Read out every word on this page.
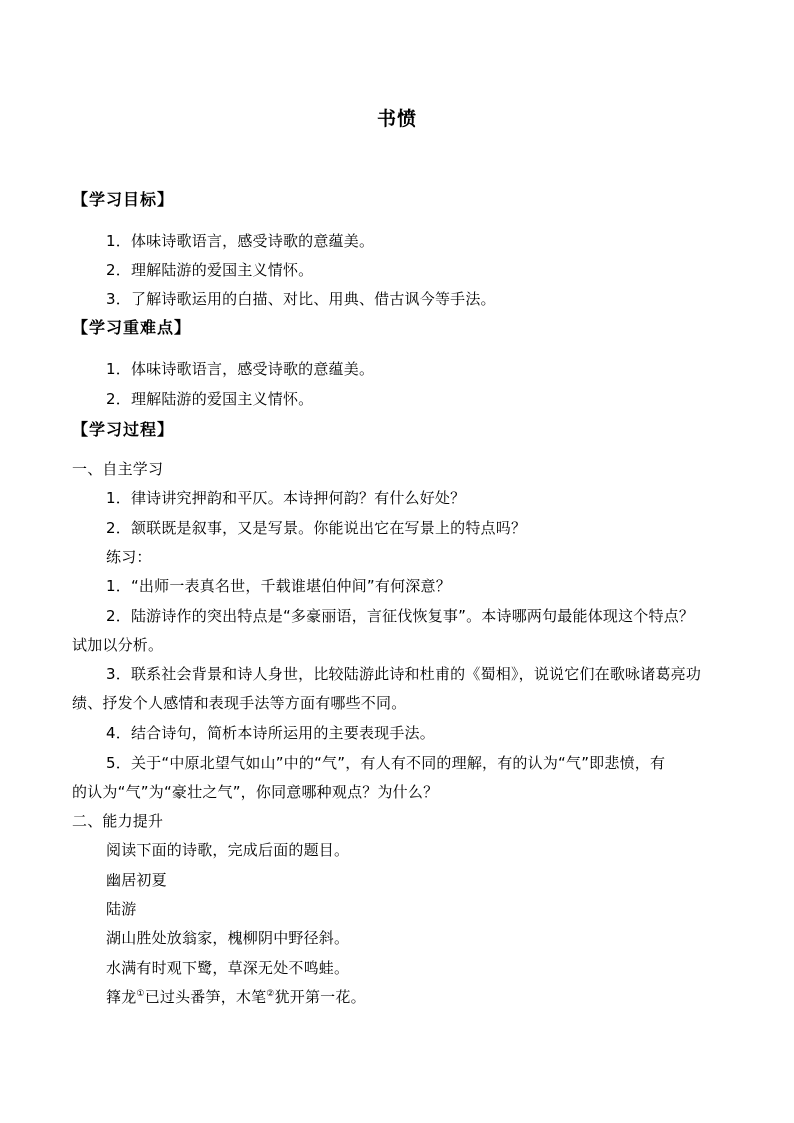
书愤
【学习目标】
1．体味诗歌语言，感受诗歌的意蕴美。
2．理解陆游的爱国主义情怀。
3．了解诗歌运用的白描、对比、用典、借古讽今等手法。
【学习重难点】
1．体味诗歌语言，感受诗歌的意蕴美。
2．理解陆游的爱国主义情怀。
【学习过程】
一、自主学习
1．律诗讲究押韵和平仄。本诗押何韵？有什么好处？
2．颔联既是叙事，又是写景。你能说出它在写景上的特点吗？
练习：
1．“出师一表真名世，千载谁堪伯仲间”有何深意？
2．陆游诗作的突出特点是“多豪丽语，言征伐恢复事”。本诗哪两句最能体现这个特点？
试加以分析。
3．联系社会背景和诗人身世，比较陆游此诗和杜甫的《蜀相》，说说它们在歌咏诸葛亮功
绩、抒发个人感情和表现手法等方面有哪些不同。
4．结合诗句，简析本诗所运用的主要表现手法。
5．关于“中原北望气如山”中的“气”，有人有不同的理解，有的认为“气”即悲愤，有
的认为“气”为“豪壮之气”，你同意哪种观点？为什么？
二、能力提升
阅读下面的诗歌，完成后面的题目。
幽居初夏
陆游
湖山胜处放翁家，槐柳阴中野径斜。
水满有时观下鹭，草深无处不鸣蛙。
箨龙①已过头番笋，木笔②犹开第一花。
